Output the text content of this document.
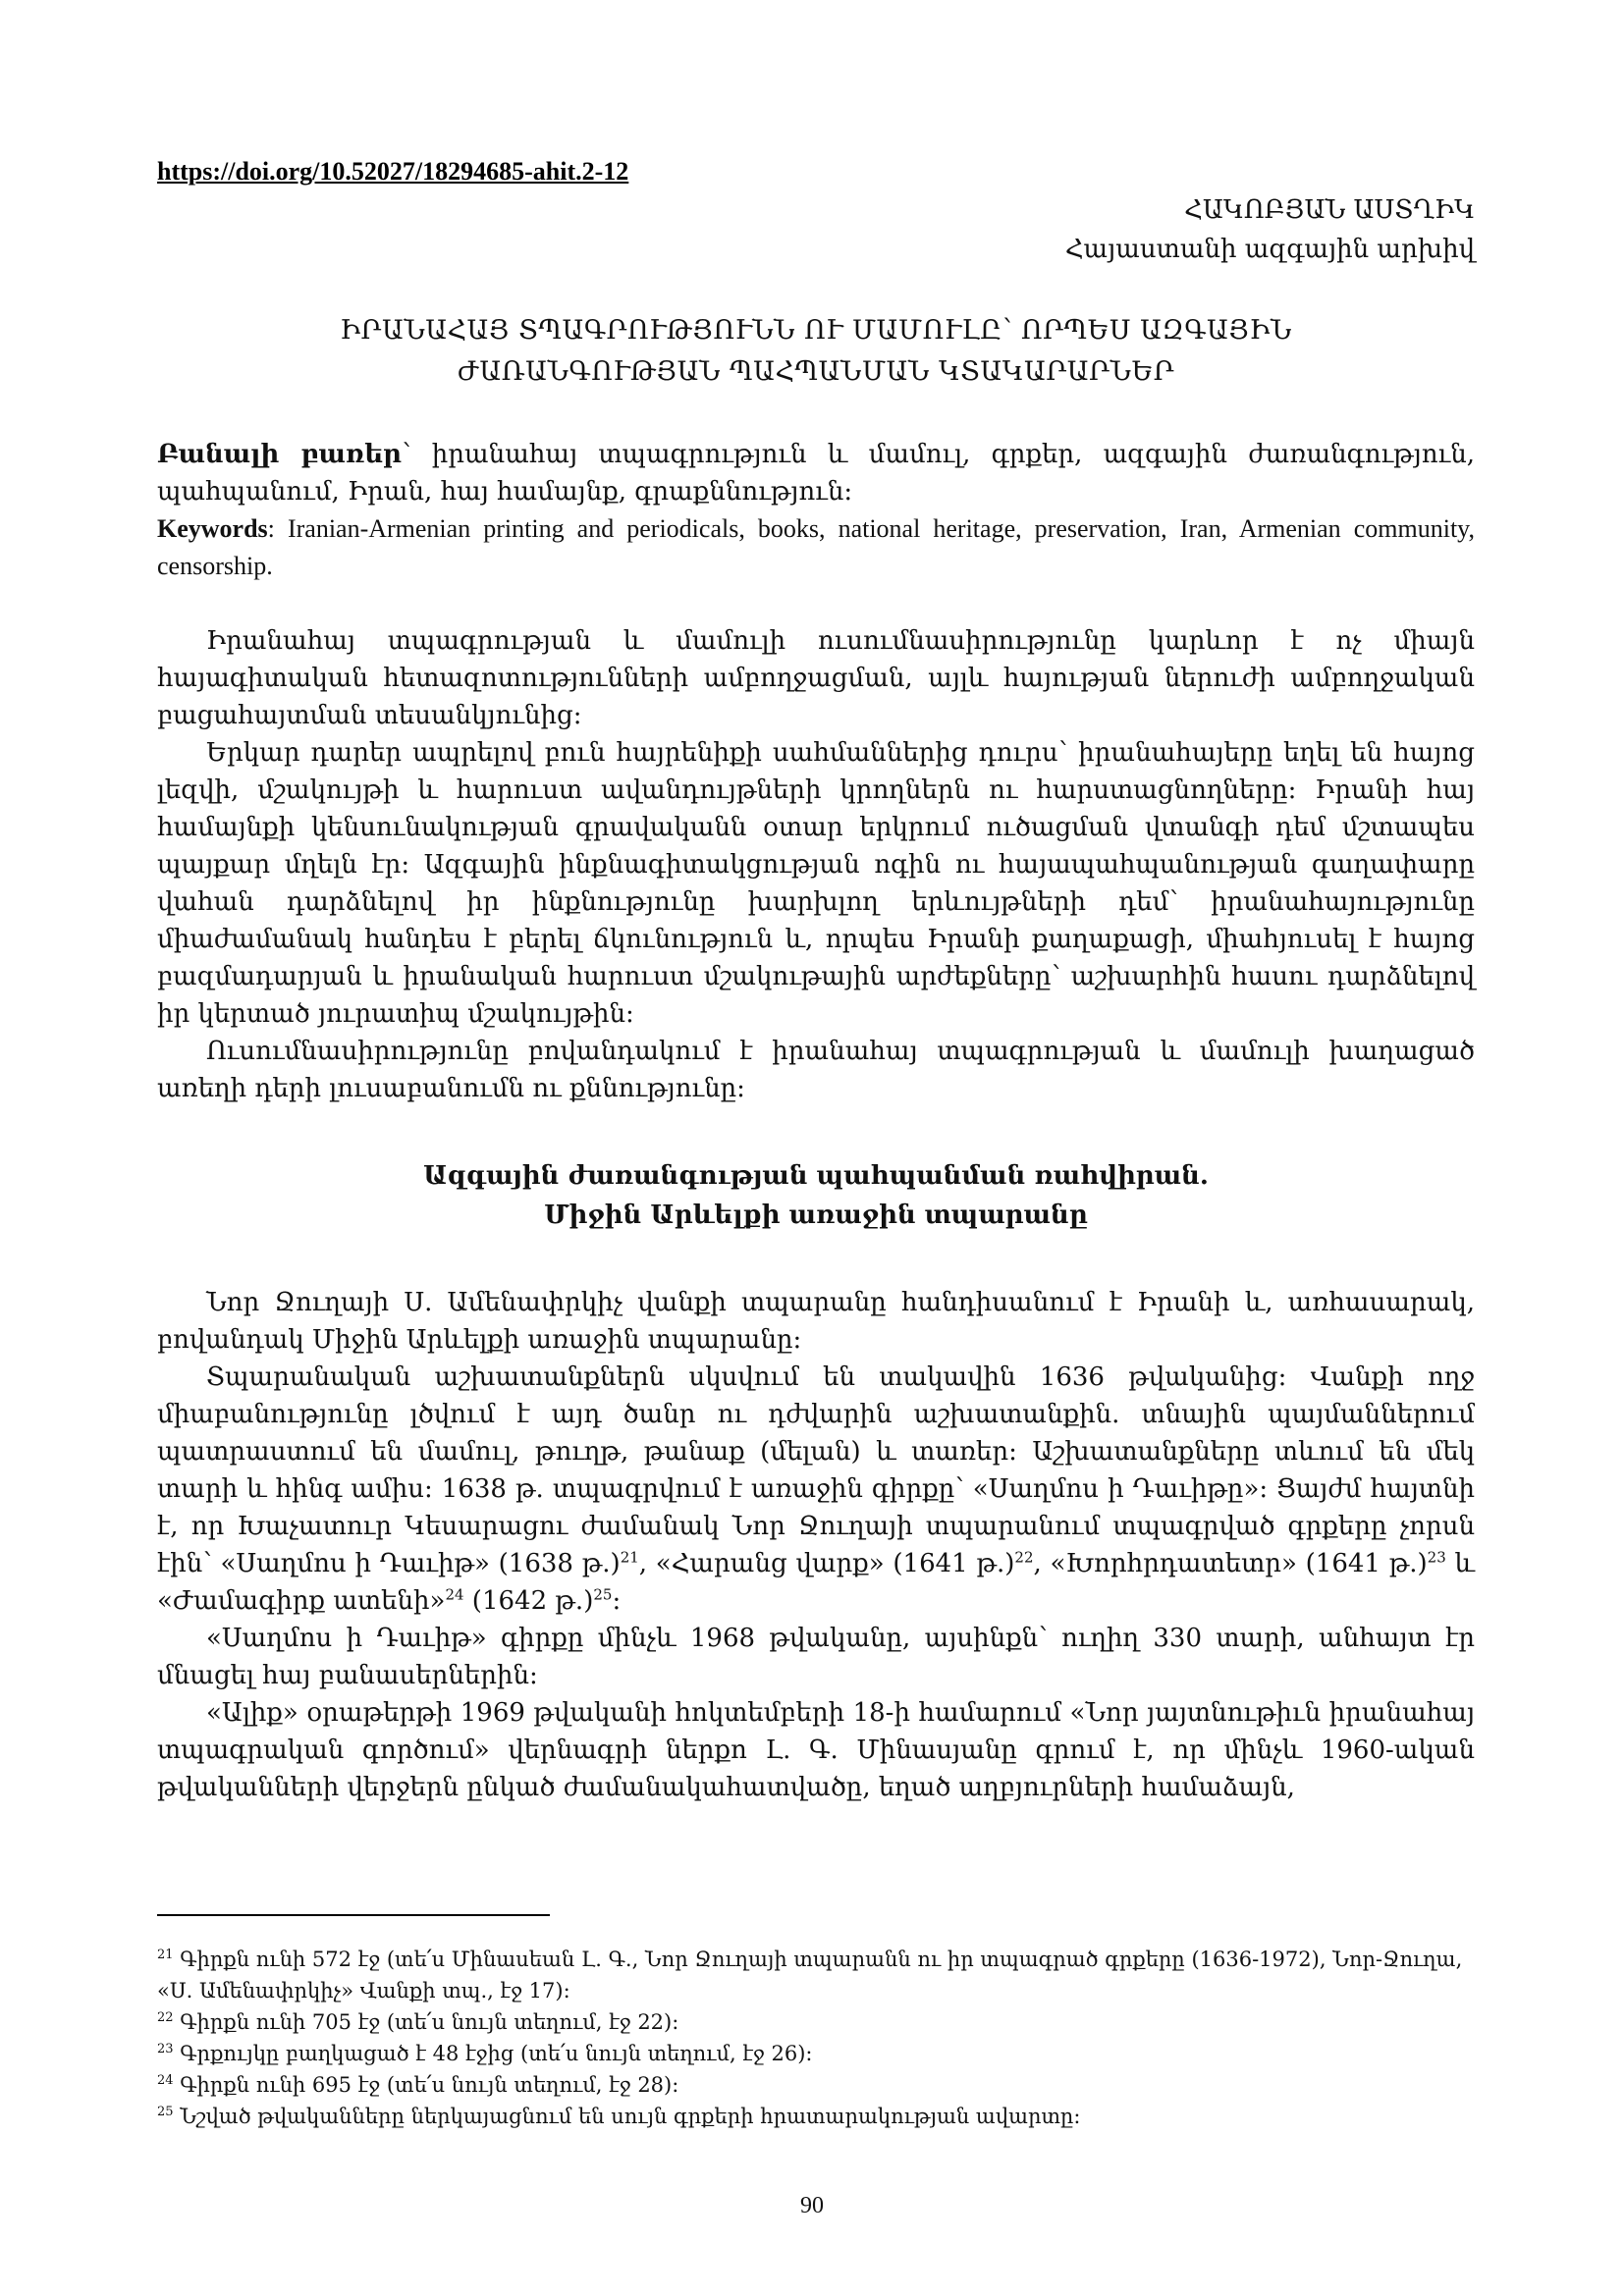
https://doi.org/10.52027/18294685-ahit.2-12
ՀԱԿՈԲՅԱՆ ԱՍՏՂԻԿ
Հայաստանի ազգային արխիվ
ԻՐԱՆԱՀԱՅ ՏՊԱԳՐՈՒԹՅՈՒՆՆ ՈՒ ՄԱՄՈՒԼԸ՝ ՈՐՊԵՍ ԱԶԳԱՅԻՆ
ԺԱՌԱՆԳՈՒԹՅԱՆ ՊԱՀՊԱՆՄԱՆ ԿՏԱԿԱՐԱՐՆԵՐ
Բանալի բառեր՝ իրանահայ տպագրություն և մամուլ, գրքեր, ազգային ժառանգություն, պահպանում, Իրան, հայ համայնք, գրաքննություն:
Keywords: Iranian-Armenian printing and periodicals, books, national heritage, preservation, Iran, Armenian community, censorship.

Իրանահայ տպագրության և մամուլի ուսումնասիրությունը կարևոր է ոչ միայն հայագիտական հետազոտությունների ամբողջացման, այլև հայության ներուժի ամբողջական բացահայտման տեսանկյունից:

Երկար դարեր ապրելով բուն հայրենիքի սահմաններից դուրս՝ իրանահայերը եղել են հայոց լեզվի, մշակույթի և հարուստ ավանդույթների կրողներն ու հարստացնողները: Իրանի հայ համայնքի կենսունակության գրավականն օտար երկրում ուծացման վտանգի դեմ մշտապես պայքար մղելն էր: Ազգային ինքնագիտակցության ոգին ու հայապահպանության գաղափարը վահան դարձնելով իր ինքնությունը խարխլող երևույթների դեմ՝ իրանահայությունը միաժամանակ հանդես է բերել ճկունություն և, որպես Իրանի քաղաքացի, միահյուսել է հայոց բազմադարյան և իրանական հարուստ մշակութային արժեքները՝ աշխարհին հասու դարձնելով իր կերտած յուրատիպ մշակույթին:

Ուսումնասիրությունը բովանդակում է իրանահայ տպագրության և մամուլի խաղացած առեղի դերի լուսաբանումն ու քննությունը:

Ազգային ժառանգության պահպանման ռահվիրան.
Միջին Արևելքի առաջին տպարանը

Նոր Ջուղայի Ս. Ամենափրկիչ վանքի տպարանը հանդիսանում է Իրանի և, առհասարակ, բովանդակ Միջին Արևելքի առաջին տպարանը:

Տպարանական աշխատանքներն սկսվում են տակավին 1636 թվականից: Վանքի ողջ միաբանությունը լծվում է այդ ծանր ու դժվարին աշխատանքին. տնային պայմաններում պատրաստում են մամուլ, թուղթ, թանաք (մելան) և տառեր: Աշխատանքները տևում են մեկ տարի և հինգ ամիս: 1638 թ. տպագրվում է առաջին գիրքը՝ «Սաղմոս ի Դաւիթը»: Ցայժմ հայտնի է, որ Խաչատուր Կեսարացու ժամանակ Նոր Ջուղայի տպարանում տպագրված գրքերը չորսն էին՝ «Սաղմոս ի Դաւիթ» (1638 թ.)$^{21}$, «Հարանց վարք» (1641 թ.)$^{22}$, «Խորհրդատետր» (1641 թ.)$^{23}$ և «Ժամագիրք ատենի»$^{24}$ (1642 թ.)$^{25}$:

«Սաղմոս ի Դաւիթ» գիրքը մինչև 1968 թվականը, այսինքն՝ ուղիղ 330 տարի, անհայտ էր մնացել հայ բանասերներին:

«Ալիք» օրաթերթի 1969 թվականի հոկտեմբերի 18-ի համարում «Նոր յայտնութիւն իրանահայ տպագրական գործում» վերնագրի ներքո Լ. Գ. Մինասյանը գրում է, որ մինչև 1960-ական թվականների վերջերն ընկած ժամանակահատվածը, եղած աղբյուրների համաձայն,

$^{21}$ Գիրքն ունի 572 էջ (տե՛ս Մինասեան Լ. Գ., Նոր Ջուղայի տպարանն ու իր տպագրած գրքերը (1636-1972), Նոր-Ջուղա, «Ս. Ամենափրկիչ» Վանքի տպ., էջ 17):

$^{22}$ Գիրքն ունի 705 էջ (տե՛ս նույն տեղում, էջ 22):

$^{23}$ Գրքույկը բաղկացած է 48 էջից (տե՛ս նույն տեղում, էջ 26):

$^{24}$ Գիրքն ունի 695 էջ (տե՛ս նույն տեղում, էջ 28):

$^{25}$ Նշված թվականները ներկայացնում են սույն գրքերի հրատարակության ավարտը:

90
